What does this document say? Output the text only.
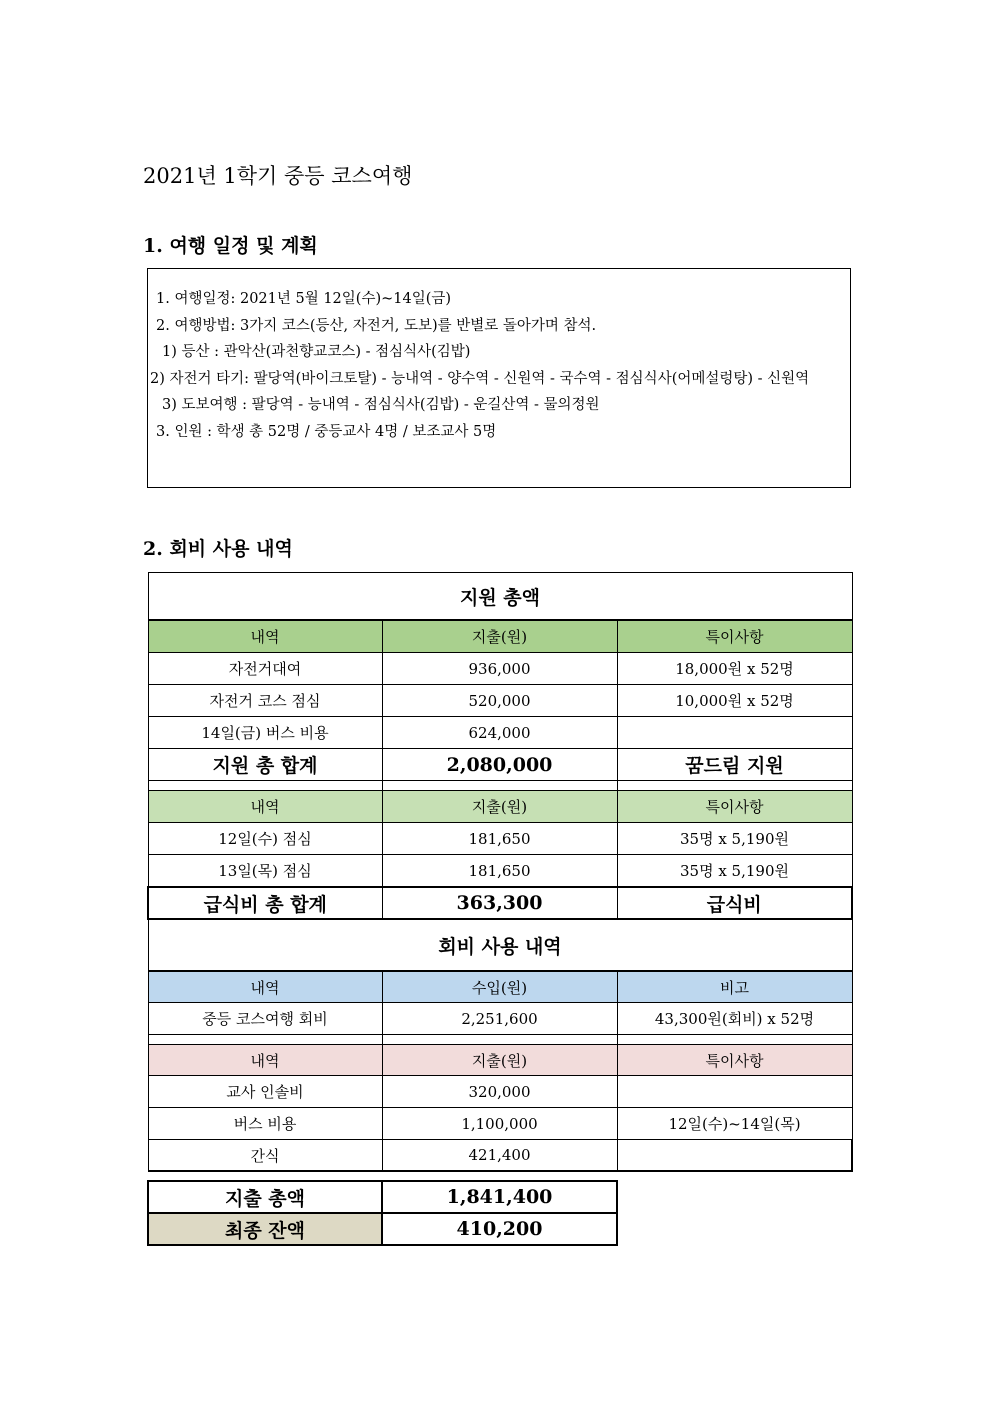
2021년 1학기 중등 코스여행
1. 여행 일정 및 계획
1. 여행일정: 2021년 5월 12일(수)~14일(금)
2. 여행방법: 3가지 코스(등산, 자전거, 도보)를 반별로 돌아가며 참석.
1) 등산 : 관악산(과천향교코스) - 점심식사(김밥)
2) 자전거 타기: 팔당역(바이크토탈) - 능내역 - 양수역 - 신원역 - 국수역 - 점심식사(어메설렁탕) - 신원역
3) 도보여행 : 팔당역 - 능내역 - 점심식사(김밥) - 운길산역 - 물의정원
3. 인원 : 학생 총 52명 / 중등교사 4명 / 보조교사 5명
2. 회비 사용 내역
지원 총액		
내역	지출(원)	특이사항
자전거대여	936,000	18,000원 x 52명
자전거 코스 점심	520,000	10,000원 x 52명
14일(금) 버스 비용	624,000	
지원 총 합계	2,080,000	꿈드림 지원

내역	지출(원)	특이사항
12일(수) 점심	181,650	35명 x 5,190원
13일(목) 점심	181,650	35명 x 5,190원
급식비 총 합계	363,300	급식비
회비 사용 내역		
내역	수입(원)	비고
중등 코스여행 회비	2,251,600	43,300원(회비) x 52명

내역	지출(원)	특이사항
교사 인솔비	320,000	
버스 비용	1,100,000	12일(수)~14일(목)
간식	421,400	
지출 총액	1,841,400
최종 잔액	410,200
